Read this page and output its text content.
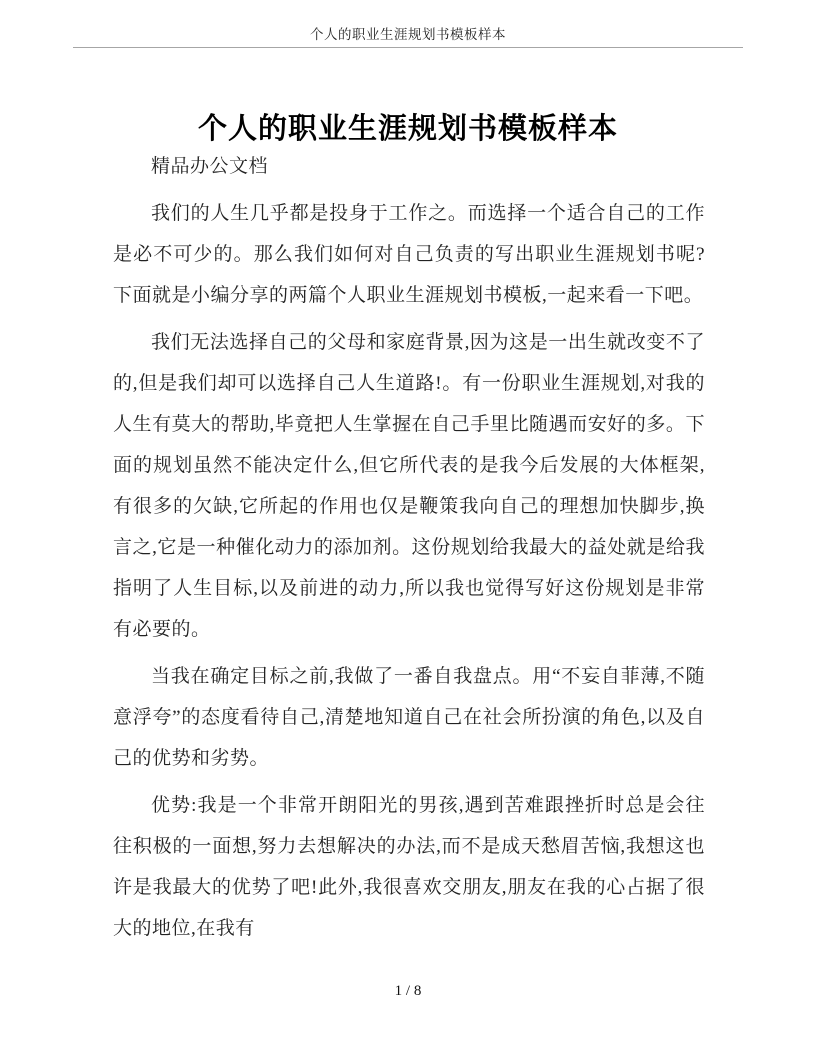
个人的职业生涯规划书模板样本
个人的职业生涯规划书模板样本

精品办公文档

我们的人生几乎都是投身于工作之。而选择一个适合自己的工作是必不可少的。那么我们如何对自己负责的写出职业生涯规划书呢?下面就是小编分享的两篇个人职业生涯规划书模板,一起来看一下吧。

我们无法选择自己的父母和家庭背景,因为这是一出生就改变不了的,但是我们却可以选择自己人生道路!。有一份职业生涯规划,对我的人生有莫大的帮助,毕竟把人生掌握在自己手里比随遇而安好的多。下面的规划虽然不能决定什么,但它所代表的是我今后发展的大体框架,有很多的欠缺,它所起的作用也仅是鞭策我向自己的理想加快脚步,换言之,它是一种催化动力的添加剂。这份规划给我最大的益处就是给我指明了人生目标,以及前进的动力,所以我也觉得写好这份规划是非常有必要的。

当我在确定目标之前,我做了一番自我盘点。用“不妄自菲薄,不随意浮夸”的态度看待自己,清楚地知道自己在社会所扮演的角色,以及自己的优势和劣势。

优势:我是一个非常开朗阳光的男孩,遇到苦难跟挫折时总是会往往积极的一面想,努力去想解决的办法,而不是成天愁眉苦恼,我想这也许是我最大的优势了吧!此外,我很喜欢交朋友,朋友在我的心占据了很大的地位,在我有

1 / 8
